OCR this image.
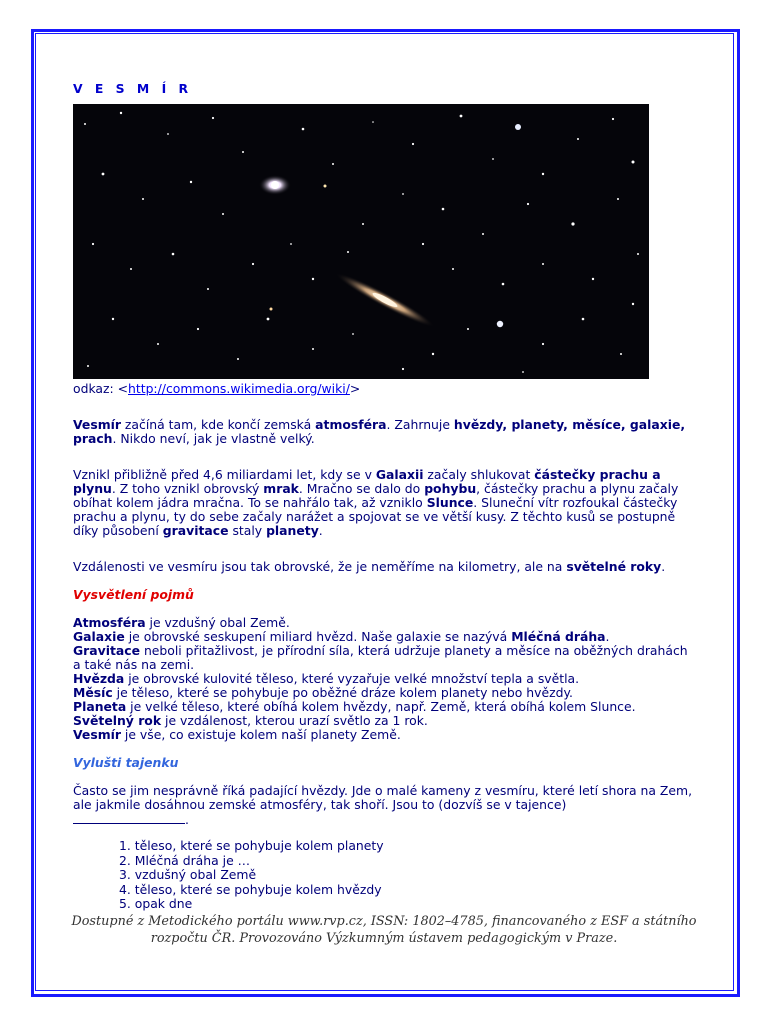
V E S M Í R
odkaz: <http://commons.wikimedia.org/wiki/>

Vesmír začíná tam, kde končí zemská atmosféra. Zahrnuje hvězdy, planety, měsíce, galaxie, prach. Nikdo neví, jak je vlastně velký.

Vznikl přibližně před 4,6 miliardami let, kdy se v Galaxii začaly shlukovat částečky prachu a plynu. Z toho vznikl obrovský mrak. Mračno se dalo do pohybu, částečky prachu a plynu začaly obíhat kolem jádra mračna. To se nahřálo tak, až vzniklo Slunce. Sluneční vítr rozfoukal částečky prachu a plynu, ty do sebe začaly narážet a spojovat se ve větší kusy. Z těchto kusů se postupně díky působení gravitace staly planety.

Vzdálenosti ve vesmíru jsou tak obrovské, že je neměříme na kilometry, ale na světelné roky.

Vysvětlení pojmů
Atmosféra je vzdušný obal Země.
Galaxie je obrovské seskupení miliard hvězd. Naše galaxie se nazývá Mléčná dráha.
Gravitace neboli přitažlivost, je přírodní síla, která udržuje planety a měsíce na oběžných drahách a také nás na zemi.
Hvězda je obrovské kulovité těleso, které vyzařuje velké množství tepla a světla.
Měsíc je těleso, které se pohybuje po oběžné dráze kolem planety nebo hvězdy.
Planeta je velké těleso, které obíhá kolem hvězdy, např. Země, která obíhá kolem Slunce.
Světelný rok je vzdálenost, kterou urazí světlo za 1 rok.
Vesmír je vše, co existuje kolem naší planety Země.
Vylušti tajenku

Často se jim nesprávně říká padající hvězdy. Jde o malé kameny z vesmíru, které letí shora na Zem, ale jakmile dosáhnou zemské atmosféry, tak shoří. Jsou to (dozvíš se v tajence)
.

1. těleso, které se pohybuje kolem planety
2. Mléčná dráha je …
3. vzdušný obal Země
4. těleso, které se pohybuje kolem hvězdy
5. opak dne
Dostupné z Metodického portálu www.rvp.cz, ISSN: 1802–4785, financovaného z ESF a státního rozpočtu ČR. Provozováno Výzkumným ústavem pedagogickým v Praze.
